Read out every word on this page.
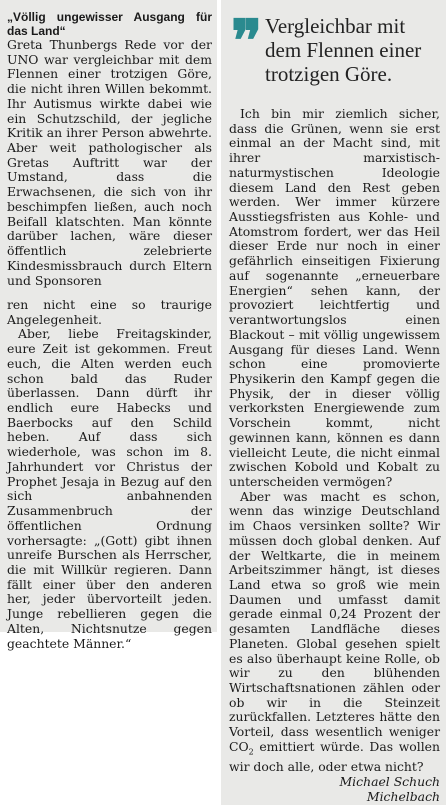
„Völlig ungewisser Ausgang für das Land“

Greta Thunbergs Rede vor der UNO war vergleichbar mit dem Flennen einer trotzigen Göre, die nicht ihren Willen bekommt. Ihr Autismus wirkte dabei wie ein Schutzschild, der jegliche Kritik an ihrer Person abwehrte. Aber weit pathologischer als Gretas Auftritt war der Umstand, dass die Erwachsenen, die sich von ihr beschimpfen ließen, auch noch Beifall klatschten. Man könnte darüber lachen, wäre dieser öffentlich zelebrierte Kindesmissbrauch durch Eltern und Sponsoren

ren nicht eine so traurige Angelegenheit.

Aber, liebe Freitagskinder, eure Zeit ist gekommen. Freut euch, die Alten werden euch schon bald das Ruder überlassen. Dann dürft ihr endlich eure Habecks und Baerbocks auf den Schild heben. Auf dass sich wiederhole, was schon im 8. Jahrhundert vor Christus der Prophet Jesaja in Bezug auf den sich anbahnenden Zusammenbruch der öffentlichen Ordnung vorhersagte: „(Gott) gibt ihnen unreife Burschen als Herrscher, die mit Willkür regieren. Dann fällt einer über den anderen her, jeder übervorteilt jeden. Junge rebellieren gegen die Alten, Nichtsnutze gegen geachtete Männer.“

❞ Vergleichbar mit dem Flennen einer trotzigen Göre.

Ich bin mir ziemlich sicher, dass die Grünen, wenn sie erst einmal an der Macht sind, mit ihrer marxistisch-naturmystischen Ideologie diesem Land den Rest geben werden. Wer immer kürzere Ausstiegsfristen aus Kohle- und Atomstrom fordert, wer das Heil dieser Erde nur noch in einer gefährlich einseitigen Fixierung auf sogenannte „erneuerbare Energien“ sehen kann, der provoziert leichtfertig und verantwortungslos einen Blackout – mit völlig ungewissem Ausgang für dieses Land. Wenn schon eine promovierte Physikerin den Kampf gegen die Physik, der in dieser völlig verkorksten Energiewende zum Vorschein kommt, nicht gewinnen kann, können es dann vielleicht Leute, die nicht einmal zwischen Kobold und Kobalt zu unterscheiden vermögen?

Aber was macht es schon, wenn das winzige Deutschland im Chaos versinken sollte? Wir müssen doch global denken. Auf der Weltkarte, die in meinem Arbeitszimmer hängt, ist dieses Land etwa so groß wie mein Daumen und umfasst damit gerade einmal 0,24 Prozent der gesamten Landfläche dieses Planeten. Global gesehen spielt es also überhaupt keine Rolle, ob wir zu den blühenden Wirtschaftsnationen zählen oder ob wir in die Steinzeit zurückfallen. Letzteres hätte den Vorteil, dass wesentlich weniger $CO_2$ emittiert würde. Das wollen wir doch alle, oder etwa nicht?

Michael Schuch

Michelbach
